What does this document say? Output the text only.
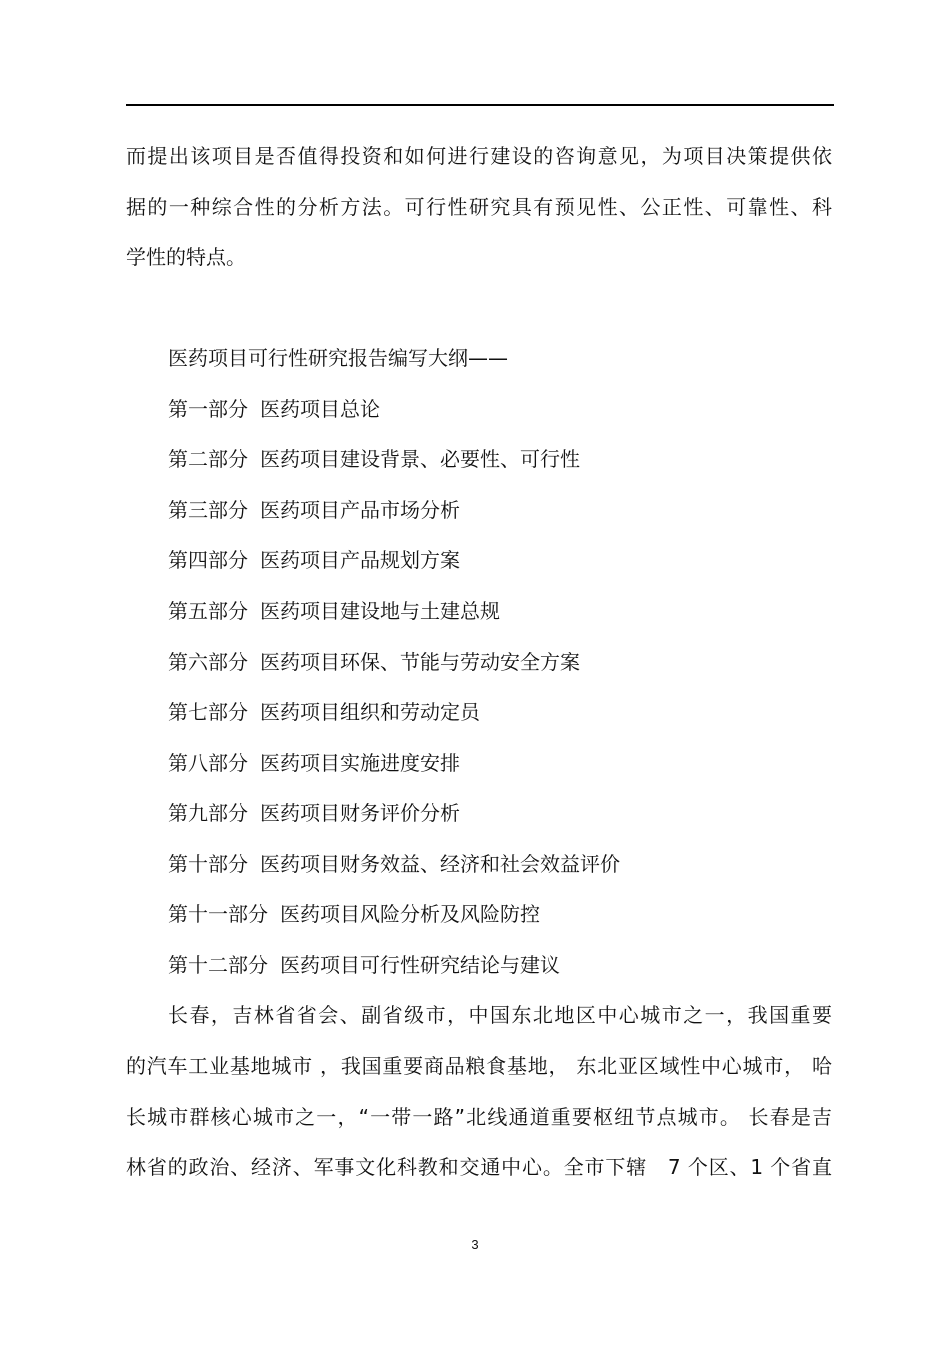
而提出该项目是否值得投资和如何进行建设的咨询意见，为项目决策提供依
据的一种综合性的分析方法。可行性研究具有预见性、公正性、可靠性、科
学性的特点。
医药项目可行性研究报告编写大纲——
第一部分 医药项目总论
第二部分 医药项目建设背景、必要性、可行性
第三部分 医药项目产品市场分析
第四部分 医药项目产品规划方案
第五部分 医药项目建设地与土建总规
第六部分 医药项目环保、节能与劳动安全方案
第七部分 医药项目组织和劳动定员
第八部分 医药项目实施进度安排
第九部分 医药项目财务评价分析
第十部分 医药项目财务效益、经济和社会效益评价
第十一部分 医药项目风险分析及风险防控
第十二部分 医药项目可行性研究结论与建议
长春，吉林省省会、副省级市，中国东北地区中心城市之一，我国重要
的汽车工业基地城市 ，我国重要商品粮食基地， 东北亚区域性中心城市， 哈
长城市群核心城市之一，“一带一路”北线通道重要枢纽节点城市。 长春是吉
林省的政治、经济、军事文化科教和交通中心。全市下辖　7 个区、1 个省直
3
